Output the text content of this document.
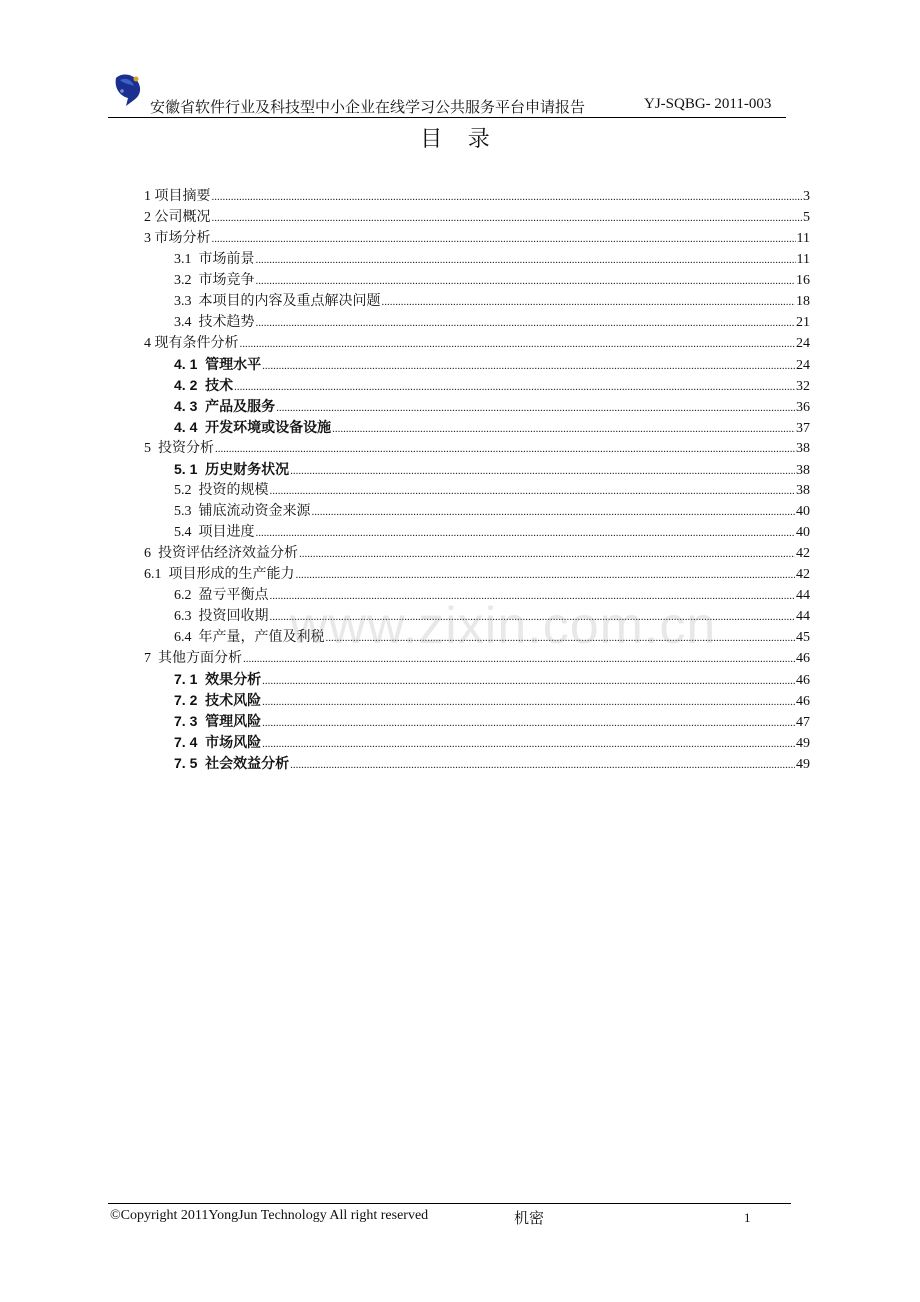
安徽省软件行业及科技型中小企业在线学习公共服务平台申请报告	YJ-SQBG- 2011-003
目 录
1 项目摘要 .....	3
2 公司概况 .....	5
3 市场分析 .....	11
3.1  市场前景 .....	11
3.2  市场竞争 .....	16
3.3  本项目的内容及重点解决问题 .....	18
3.4  技术趋势 .....	21
4 现有条件分析 .....	24
4. 1  管理水平 .....	24
4. 2  技术 .....	32
4. 3  产品及服务 .....	36
4. 4  开发环境或设备设施 .....	37
5  投资分析 .....	38
5. 1  历史财务状况 .....	38
5.2  投资的规模 .....	38
5.3  铺底流动资金来源 .....	40
5.4  项目进度 .....	40
6  投资评估经济效益分析 .....	42
6.1  项目形成的生产能力 .....	42
6.2  盈亏平衡点 .....	44
6.3  投资回收期 .....	44
6.4  年产量，产值及利税 .....	45
7  其他方面分析 .....	46
7. 1  效果分析 .....	46
7. 2  技术风险 .....	46
7. 3  管理风险 .....	47
7. 4  市场风险 .....	49
7. 5  社会效益分析 .....	49
www.zixin.com.cn
©Copyright 2011YongJun Technology All right reserved	机密	1
